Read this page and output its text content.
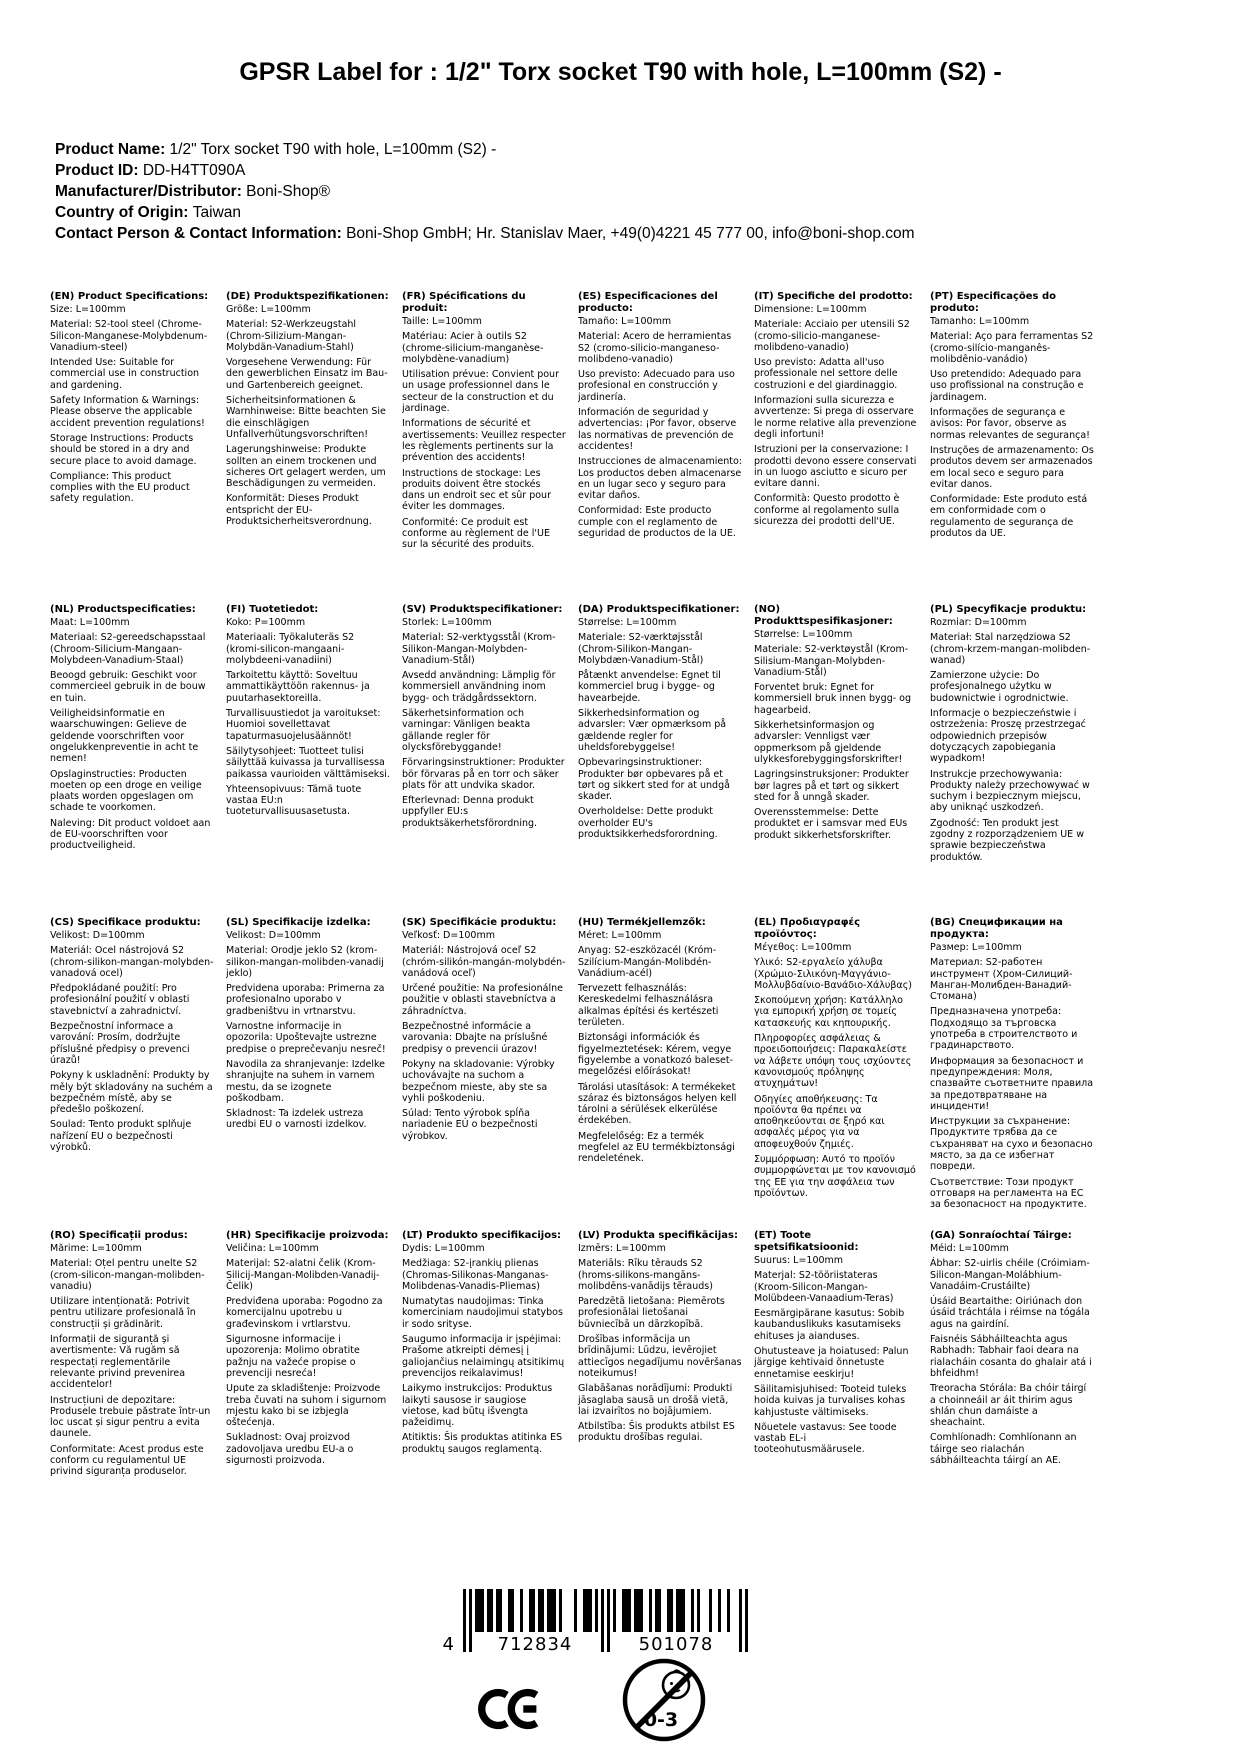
GPSR Label for : 1/2" Torx socket T90 with hole, L=100mm (S2) -
Product Name: 1/2" Torx socket T90 with hole, L=100mm (S2) -
Product ID: DD-H4TT090A
Manufacturer/Distributor: Boni-Shop®
Country of Origin: Taiwan
Contact Person & Contact Information: Boni-Shop GmbH; Hr. Stanislav Maer, +49(0)4221 45 777 00, info@boni-shop.com
(EN) Product Specifications:
Size: L=100mm
Material: S2-tool steel (Chrome-Silicon-Manganese-Molybdenum-Vanadium-steel)
Intended Use: Suitable for commercial use in construction and gardening.
Safety Information & Warnings: Please observe the applicable accident prevention regulations!
Storage Instructions: Products should be stored in a dry and secure place to avoid damage.
Compliance: This product complies with the EU product safety regulation.
(DE) Produktspezifikationen:
Größe: L=100mm
Material: S2-Werkzeugstahl (Chrom-Silizium-Mangan-Molybdän-Vanadium-Stahl)
Vorgesehene Verwendung: Für den gewerblichen Einsatz im Bau- und Gartenbereich geeignet.
Sicherheitsinformationen & Warnhinweise: Bitte beachten Sie die einschlägigen Unfallverhütungsvorschriften!
Lagerungshinweise: Produkte sollten an einem trockenen und sicheres Ort gelagert werden, um Beschädigungen zu vermeiden.
Konformität: Dieses Produkt entspricht der EU-Produktsicherheitsverordnung.
(FR) Spécifications du produit:
Taille: L=100mm
Matériau: Acier à outils S2 (chrome-silicium-manganèse-molybdène-vanadium)
Utilisation prévue: Convient pour un usage professionnel dans le secteur de la construction et du jardinage.
Informations de sécurité et avertissements: Veuillez respecter les règlements pertinents sur la prévention des accidents!
Instructions de stockage: Les produits doivent être stockés dans un endroit sec et sûr pour éviter les dommages.
Conformité: Ce produit est conforme au règlement de l'UE sur la sécurité des produits.
(ES) Especificaciones del producto:
Tamaño: L=100mm
Material: Acero de herramientas S2 (cromo-silicio-manganeso-molibdeno-vanadio)
Uso previsto: Adecuado para uso profesional en construcción y jardinería.
Información de seguridad y advertencias: ¡Por favor, observe las normativas de prevención de accidentes!
Instrucciones de almacenamiento: Los productos deben almacenarse en un lugar seco y seguro para evitar daños.
Conformidad: Este producto cumple con el reglamento de seguridad de productos de la UE.
(IT) Specifiche del prodotto:
Dimensione: L=100mm
Materiale: Acciaio per utensili S2 (cromo-silicio-manganese-molibdeno-vanadio)
Uso previsto: Adatta all'uso professionale nel settore delle costruzioni e del giardinaggio.
Informazioni sulla sicurezza e avvertenze: Si prega di osservare le norme relative alla prevenzione degli infortuni!
Istruzioni per la conservazione: I prodotti devono essere conservati in un luogo asciutto e sicuro per evitare danni.
Conformità: Questo prodotto è conforme al regolamento sulla sicurezza dei prodotti dell'UE.
(PT) Especificações do produto:
Tamanho: L=100mm
Material: Aço para ferramentas S2 (cromo-silício-manganês-molibdênio-vanádio)
Uso pretendido: Adequado para uso profissional na construção e jardinagem.
Informações de segurança e avisos: Por favor, observe as normas relevantes de segurança!
Instruções de armazenamento: Os produtos devem ser armazenados em local seco e seguro para evitar danos.
Conformidade: Este produto está em conformidade com o regulamento de segurança de produtos da UE.
(NL) Productspecificaties:
Maat: L=100mm
Materiaal: S2-gereedschapsstaal (Chroom-Silicium-Mangaan-Molybdeen-Vanadium-Staal)
Beoogd gebruik: Geschikt voor commercieel gebruik in de bouw en tuin.
Veiligheidsinformatie en waarschuwingen: Gelieve de geldende voorschriften voor ongelukkenpreventie in acht te nemen!
Opslaginstructies: Producten moeten op een droge en veilige plaats worden opgeslagen om schade te voorkomen.
Naleving: Dit product voldoet aan de EU-voorschriften voor productveiligheid.
(FI) Tuotetiedot:
Koko: P=100mm
Materiaali: Työkaluteräs S2 (kromi-silicon-mangaani-molybdeeni-vanadiini)
Tarkoitettu käyttö: Soveltuu ammattikäyttöön rakennus- ja puutarhasektoreilla.
Turvallisuustiedot ja varoitukset: Huomioi sovellettavat tapaturmasuojelusäännöt!
Säilytysohjeet: Tuotteet tulisi säilyttää kuivassa ja turvallisessa paikassa vaurioiden välttämiseksi.
Yhteensopivuus: Tämä tuote vastaa EU:n tuoteturvallisuusasetusta.
(SV) Produktspecifikationer:
Storlek: L=100mm
Material: S2-verktygsstål (Krom-Silikon-Mangan-Molybden-Vanadium-Stål)
Avsedd användning: Lämplig för kommersiell användning inom bygg- och trädgårdssektorn.
Säkerhetsinformation och varningar: Vänligen beakta gällande regler för olycksförebyggande!
Förvaringsinstruktioner: Produkter bör förvaras på en torr och säker plats för att undvika skador.
Efterlevnad: Denna produkt uppfyller EU:s produktsäkerhetsförordning.
(DA) Produktspecifikationer:
Størrelse: L=100mm
Materiale: S2-værktøjsstål (Chrom-Silikon-Mangan-Molybdæn-Vanadium-Stål)
Påtænkt anvendelse: Egnet til kommerciel brug i bygge- og havearbejde.
Sikkerhedsinformation og advarsler: Vær opmærksom på gældende regler for uheldsforebyggelse!
Opbevaringsinstruktioner: Produkter bør opbevares på et tørt og sikkert sted for at undgå skader.
Overholdelse: Dette produkt overholder EU's produktsikkerhedsforordning.
(NO) Produkttspesifikasjoner:
Størrelse: L=100mm
Materiale: S2-verktøystål (Krom-Silisium-Mangan-Molybden-Vanadium-Stål)
Forventet bruk: Egnet for kommersiell bruk innen bygg- og hagearbeid.
Sikkerhetsinformasjon og advarsler: Vennligst vær oppmerksom på gjeldende ulykkesforebyggingsforskrifter!
Lagringsinstruksjoner: Produkter bør lagres på et tørt og sikkert sted for å unngå skader.
Overensstemmelse: Dette produktet er i samsvar med EUs produkt sikkerhetsforskrifter.
(PL) Specyfikacje produktu:
Rozmiar: D=100mm
Materiał: Stal narzędziowa S2 (chrom-krzem-mangan-molibden-wanad)
Zamierzone użycie: Do profesjonalnego użytku w budownictwie i ogrodnictwie.
Informacje o bezpieczeństwie i ostrzeżenia: Proszę przestrzegać odpowiednich przepisów dotyczących zapobiegania wypadkom!
Instrukcje przechowywania: Produkty należy przechowywać w suchym i bezpiecznym miejscu, aby uniknąć uszkodzeń.
Zgodność: Ten produkt jest zgodny z rozporządzeniem UE w sprawie bezpieczeństwa produktów.
(CS) Specifikace produktu:
Velikost: D=100mm
Materiál: Ocel nástrojová S2 (chrom-silikon-mangan-molybden-vanadová ocel)
Předpokládané použití: Pro profesionální použití v oblasti stavebnictví a zahradnictví.
Bezpečnostní informace a varování: Prosím, dodržujte příslušné předpisy o prevenci úrazů!
Pokyny k uskladnění: Produkty by měly být skladovány na suchém a bezpečném místě, aby se předešlo poškození.
Soulad: Tento produkt splňuje nařízení EU o bezpečnosti výrobků.
(SL) Specifikacije izdelka:
Velikost: D=100mm
Material: Orodje jeklo S2 (krom-silikon-mangan-molibden-vanadij jeklo)
Predvidena uporaba: Primerna za profesionalno uporabo v gradbeništvu in vrtnarstvu.
Varnostne informacije in opozorila: Upoštevajte ustrezne predpise o preprečevanju nesreč!
Navodila za shranjevanje: Izdelke shranjujte na suhem in varnem mestu, da se izognete poškodbam.
Skladnost: Ta izdelek ustreza uredbi EU o varnosti izdelkov.
(SK) Špecifikácie produktu:
Veľkosť: D=100mm
Materiál: Nástrojová oceľ S2 (chróm-silikón-mangán-molybdén-vanádová oceľ)
Určené použitie: Na profesionálne použitie v oblasti stavebníctva a záhradníctva.
Bezpečnostné informácie a varovania: Dbajte na príslušné predpisy o prevencii úrazov!
Pokyny na skladovanie: Výrobky uchovávajte na suchom a bezpečnom mieste, aby ste sa vyhli poškodeniu.
Súlad: Tento výrobok spĺňa nariadenie EÚ o bezpečnosti výrobkov.
(HU) Termékjellemzők:
Méret: L=100mm
Anyag: S2-eszközacél (Króm-Szilícium-Mangán-Molibdén-Vanádium-acél)
Tervezett felhasználás: Kereskedelmi felhasználásra alkalmas építési és kertészeti területen.
Biztonsági információk és figyelmeztetések: Kérem, vegye figyelembe a vonatkozó baleset-megelőzési előírásokat!
Tárolási utasítások: A termékeket száraz és biztonságos helyen kell tárolni a sérülések elkerülése érdekében.
Megfelelőség: Ez a termék megfelel az EU termékbiztonsági rendeletének.
(EL) Προδιαγραφές προϊόντος:
Μέγεθος: L=100mm
Υλικό: S2-εργαλείο χάλυβα (Χρώμιο-Σιλικόνη-Μαγγάνιο-Μολλυβδαίνιο-Βανάδιο-Χάλυβας)
Σκοπούμενη χρήση: Κατάλληλο για εμπορική χρήση σε τομείς κατασκευής και κηπουρικής.
Πληροφορίες ασφάλειας & προειδοποιήσεις: Παρακαλείστε να λάβετε υπόψη τους ισχύοντες κανονισμούς πρόληψης ατυχημάτων!
Οδηγίες αποθήκευσης: Τα προϊόντα θα πρέπει να αποθηκεύονται σε ξηρό και ασφαλές μέρος για να αποφευχθούν ζημιές.
Συμμόρφωση: Αυτό το προϊόν συμμορφώνεται με τον κανονισμό της ΕΕ για την ασφάλεια των προϊόντων.
(BG) Спецификации на продукта:
Размер: L=100mm
Материал: S2-работен инструмент (Хром-Силиций-Манган-Молибден-Ванадий-Стомана)
Предназначена употреба: Подходящо за търговска употреба в строителството и градинарството.
Информация за безопасност и предупреждения: Моля, спазвайте съответните правила за предотвратяване на инциденти!
Инструкции за съхранение: Продуктите трябва да се съхраняват на сухо и безопасно място, за да се избегнат повреди.
Съответствие: Този продукт отговаря на регламента на ЕС за безопасност на продуктите.
(RO) Specificații produs:
Mărime: L=100mm
Material: Oțel pentru unelte S2 (crom-silicon-mangan-molibden-vanadiu)
Utilizare intenționată: Potrivit pentru utilizare profesională în construcții și grădinărit.
Informații de siguranță și avertismente: Vă rugăm să respectați reglementările relevante privind prevenirea accidentelor!
Instrucțiuni de depozitare: Produsele trebuie păstrate într-un loc uscat și sigur pentru a evita daunele.
Conformitate: Acest produs este conform cu regulamentul UE privind siguranța produselor.
(HR) Specifikacije proizvoda:
Veličina: L=100mm
Materijal: S2-alatni čelik (Krom-Silicij-Mangan-Molibden-Vanadij-Čelik)
Predviđena uporaba: Pogodno za komercijalnu upotrebu u građevinskom i vrtlarstvu.
Sigurnosne informacije i upozorenja: Molimo obratite pažnju na važeće propise o prevenciji nesreća!
Upute za skladištenje: Proizvode treba čuvati na suhom i sigurnom mjestu kako bi se izbjegla oštećenja.
Sukladnost: Ovaj proizvod zadovoljava uredbu EU-a o sigurnosti proizvoda.
(LT) Produkto specifikacijos:
Dydis: L=100mm
Medžiaga: S2-įrankių plienas (Chromas-Silikonas-Manganas-Molibdenas-Vanadis-Pliemas)
Numatytas naudojimas: Tinka komerciniam naudojimui statybos ir sodo srityse.
Saugumo informacija ir įspėjimai: Prašome atkreipti dėmesį į galiojančius nelaimingų atsitikimų prevencijos reikalavimus!
Laikymo instrukcijos: Produktus laikyti sausose ir saugiose vietose, kad būtų išvengta pažeidimų.
Atitiktis: Šis produktas atitinka ES produktų saugos reglamentą.
(LV) Produkta specifikācijas:
Izmērs: L=100mm
Materiāls: Rīku tērauds S2 (hroms-silikons-mangāns-molibdēns-vanādijs tērauds)
Paredzētā lietošana: Piemērots profesionālai lietošanai būvniecībā un dārzkopībā.
Drošības informācija un brīdinājumi: Lūdzu, ievērojiet attiecīgos negadījumu novēršanas noteikumus!
Glabāšanas norādījumi: Produkti jāsaglaba sausā un drošā vietā, lai izvairītos no bojājumiem.
Atbilstība: Šis produkts atbilst ES produktu drošības regulai.
(ET) Toote spetsifikatsioonid:
Suurus: L=100mm
Materjal: S2-tööriistateras (Kroom-Silicon-Mangan-Molübdeen-Vanaadium-Teras)
Eesmärgipärane kasutus: Sobib kaubanduslikuks kasutamiseks ehituses ja aianduses.
Ohutusteave ja hoiatused: Palun järgige kehtivaid õnnetuste ennetamise eeskirju!
Säilitamisjuhised: Tooteid tuleks hoida kuivas ja turvalises kohas kahjustuste vältimiseks.
Nõuetele vastavus: See toode vastab EL-i tooteohutusmäärusele.
(GA) Sonraíochtaí Táirge:
Méid: L=100mm
Ábhar: S2-uirlis chéile (Cróimiam-Silicon-Mangan-Molábhium-Vanadáim-Crustáilte)
Úsáid Beartaithe: Oiriúnach don úsáid tráchtála i réimse na tógála agus na gairdíní.
Faisnéis Sábháilteachta agus Rabhadh: Tabhair faoi deara na rialacháin cosanta do ghalair atá i bhfeidhm!
Treoracha Stórála: Ba chóir táirgí a choinneáil ar áit thirim agus shlán chun damáiste a sheachaint.
Comhlíonadh: Comhlíonann an táirge seo rialachán sábháilteachta táirgí an AE.
4	712834	501078
0-3
